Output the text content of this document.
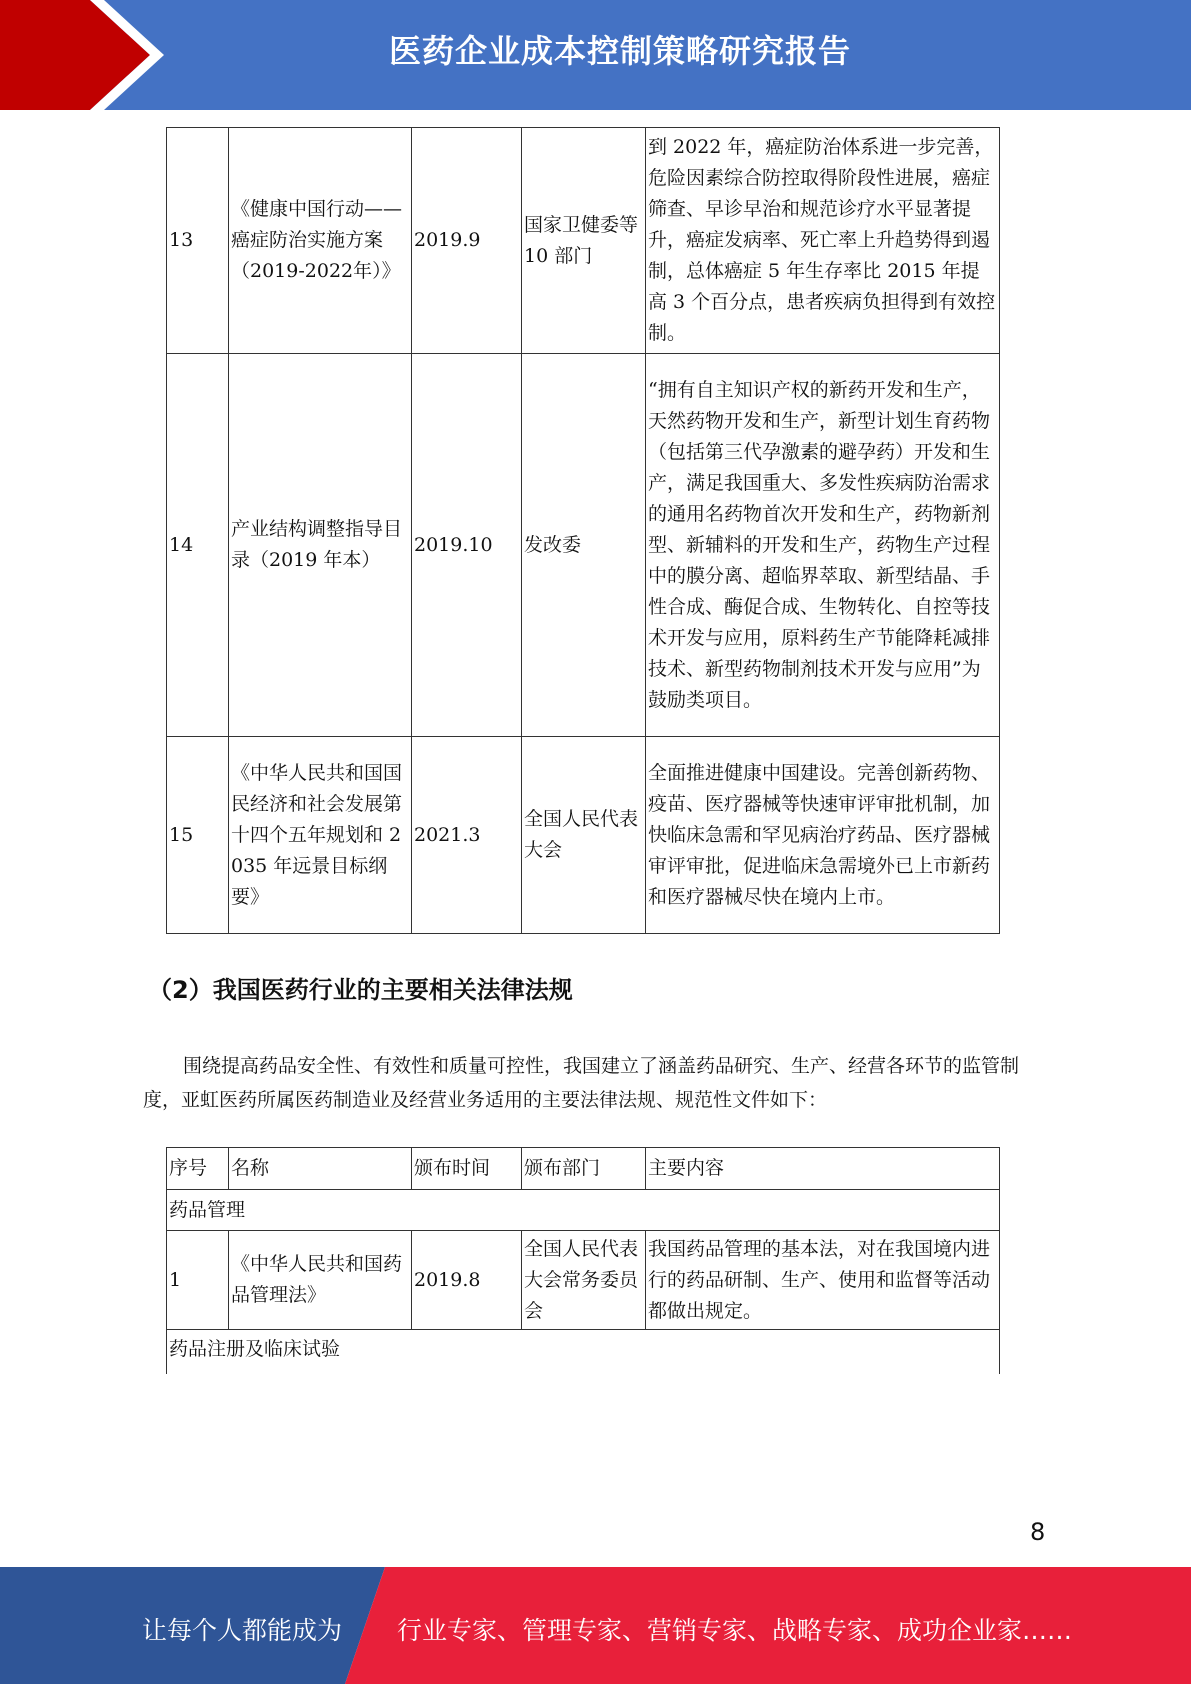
医药企业成本控制策略研究报告
13	《健康中国行动——癌症防治实施方案（2019-2022年）》	2019.9	国家卫健委等 10 部门	到 2022 年，癌症防治体系进一步完善，危险因素综合防控取得阶段性进展，癌症筛查、早诊早治和规范诊疗水平显著提升，癌症发病率、死亡率上升趋势得到遏制，总体癌症 5 年生存率比 2015 年提高 3 个百分点，患者疾病负担得到有效控制。
14	产业结构调整指导目录（2019 年本）	2019.10	发改委	“拥有自主知识产权的新药开发和生产，天然药物开发和生产，新型计划生育药物（包括第三代孕激素的避孕药）开发和生产，满足我国重大、多发性疾病防治需求的通用名药物首次开发和生产，药物新剂型、新辅料的开发和生产，药物生产过程中的膜分离、超临界萃取、新型结晶、手性合成、酶促合成、生物转化、自控等技术开发与应用，原料药生产节能降耗减排技术、新型药物制剂技术开发与应用”为鼓励类项目。
15	《中华人民共和国国民经济和社会发展第十四个五年规划和 2035 年远景目标纲要》	2021.3	全国人民代表大会	全面推进健康中国建设。完善创新药物、疫苗、医疗器械等快速审评审批机制，加快临床急需和罕见病治疗药品、医疗器械审评审批，促进临床急需境外已上市新药和医疗器械尽快在境内上市。
（2）我国医药行业的主要相关法律法规
围绕提高药品安全性、有效性和质量可控性，我国建立了涵盖药品研究、生产、经营各环节的监管制度，亚虹医药所属医药制造业及经营业务适用的主要法律法规、规范性文件如下：
序号	名称	颁布时间	颁布部门	主要内容
药品管理				
1	《中华人民共和国药品管理法》	2019.8	全国人民代表大会常务委员会	我国药品管理的基本法，对在我国境内进行的药品研制、生产、使用和监督等活动都做出规定。
药品注册及临床试验				
8
让每个人都能成为 行业专家、管理专家、营销专家、战略专家、成功企业家……
